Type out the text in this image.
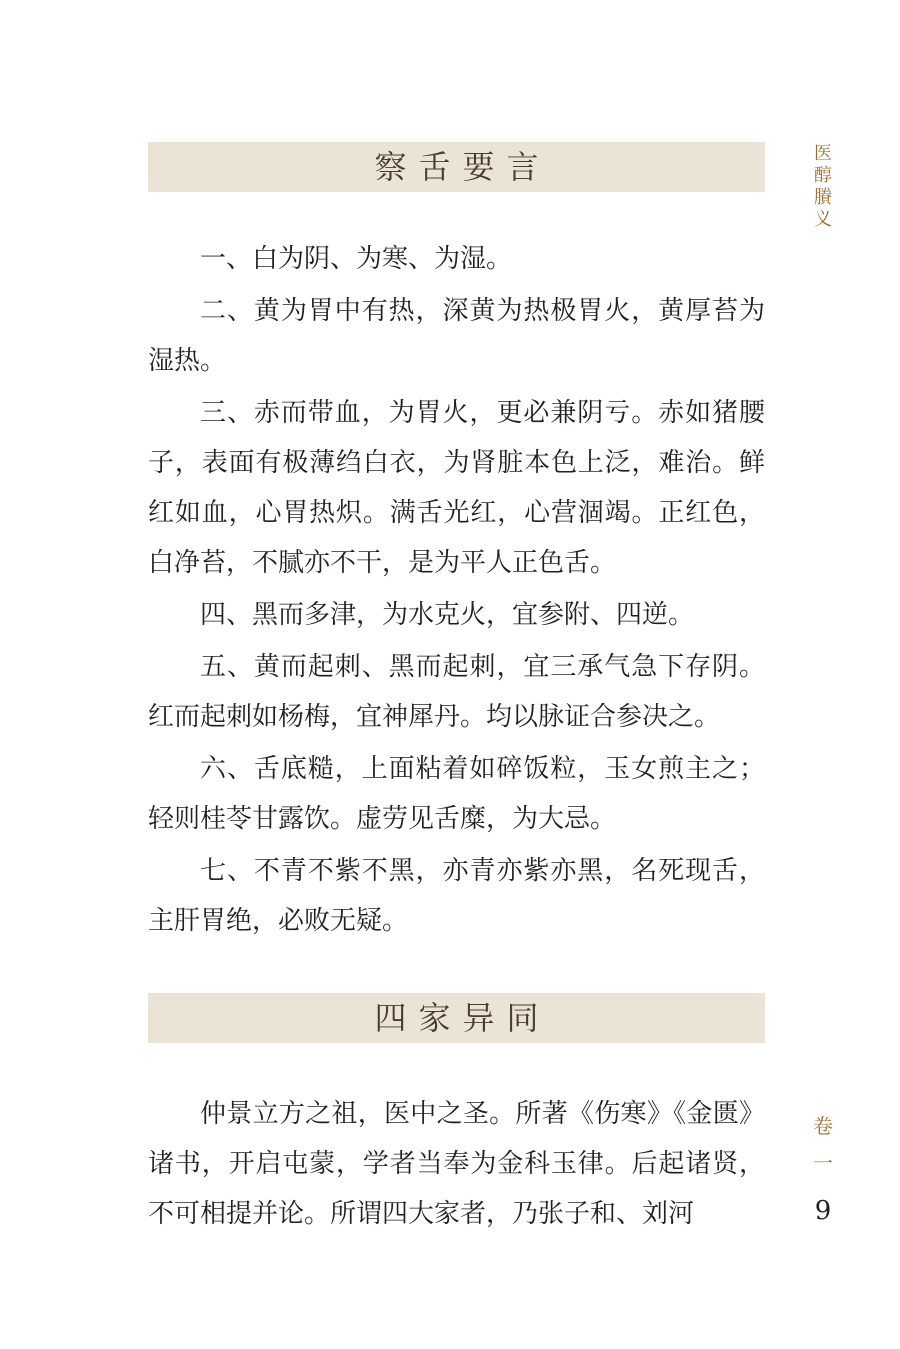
察舌要言

一、白为阴、为寒、为湿。

二、黄为胃中有热，深黄为热极胃火，黄厚苔为湿热。

三、赤而带血，为胃火，更必兼阴亏。赤如猪腰子，表面有极薄绉白衣，为肾脏本色上泛，难治。鲜红如血，心胃热炽。满舌光红，心营涸竭。正红色，白净苔，不腻亦不干，是为平人正色舌。

四、黑而多津，为水克火，宜参附、四逆。

五、黄而起刺、黑而起刺，宜三承气急下存阴。红而起刺如杨梅，宜神犀丹。均以脉证合参决之。

六、舌底糙，上面粘着如碎饭粒，玉女煎主之；轻则桂苓甘露饮。虚劳见舌糜，为大忌。

七、不青不紫不黑，亦青亦紫亦黑，名死现舌，主肝胃绝，必败无疑。

四家异同

仲景立方之祖，医中之圣。所著《伤寒》《金匮》诸书，开启屯蒙，学者当奉为金科玉律。后起诸贤，不可相提并论。所谓四大家者，乃张子和、刘河

医
醇
賸
义
卷
一
9
